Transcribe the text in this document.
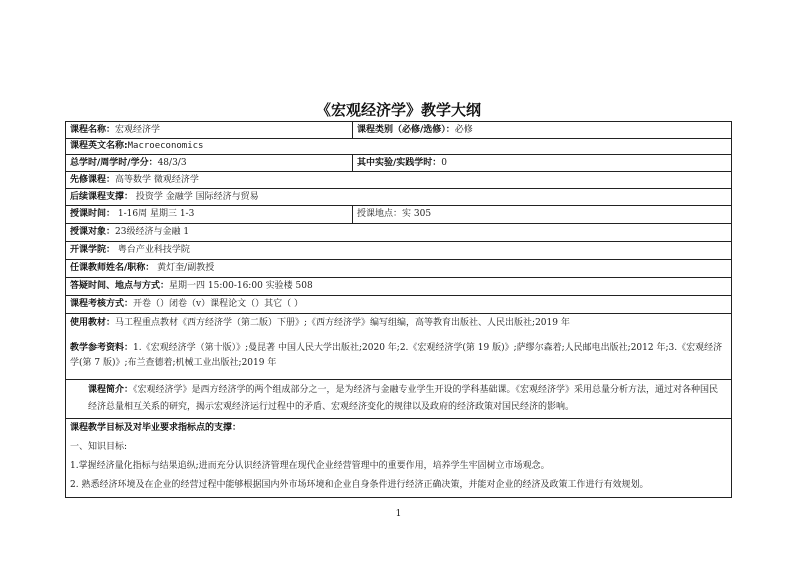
《宏观经济学》教学大纲
课程名称：宏观经济学	课程类别（必修/选修）：必修
课程英文名称:Macroeconomics	
总学时/周学时/学分：48/3/3	其中实验/实践学时：0
先修课程：高等数学 微观经济学	
后续课程支撑： 投资学 金融学 国际经济与贸易	
授课时间： 1-16周 星期三 1-3	授课地点：实 305
授课对象：23级经济与金融 1	
开课学院： 粤台产业科技学院	
任课教师姓名/职称： 黄灯奎/副教授	
答疑时间、地点与方式：星期一四 15:00-16:00 实验楼 508	
课程考核方式：开卷（）闭卷（v）课程论文（）其它（ ）	

使用教材：马工程重点教材《西方经济学（第二版）下册》;《西方经济学》编写组编，高等教育出版社、人民出版社;2019 年
教学参考资料：1.《宏观经济学（第十版）》;曼昆著 中国人民大学出版社;2020 年;2.《宏观经济学(第 19 版)》;萨缪尔森着;人民邮电出版社;2012 年;3.《宏观经济学(第 7 版)》;布兰查德着;机械工业出版社;2019 年	

课程简介：《宏观经济学》是西方经济学的两个组成部分之一，是为经济与金融专业学生开设的学科基础课。《宏观经济学》采用总量分析方法，通过对各种国民经济总量相互关系的研究，揭示宏观经济运行过程中的矛盾、宏观经济变化的规律以及政府的经济政策对国民经济的影响。	

课程教学目标及对毕业要求指标点的支撑：
一、知识目标:
1.掌握经济量化指标与结果追纵;进而充分认识经济管理在现代企业经营管理中的重要作用，培养学生牢固树立市场观念。
2. 熟悉经济环境及在企业的经营过程中能够根据国内外市场环境和企业自身条件进行经济正确决策，并能对企业的经济及政策工作进行有效规划。	
1
